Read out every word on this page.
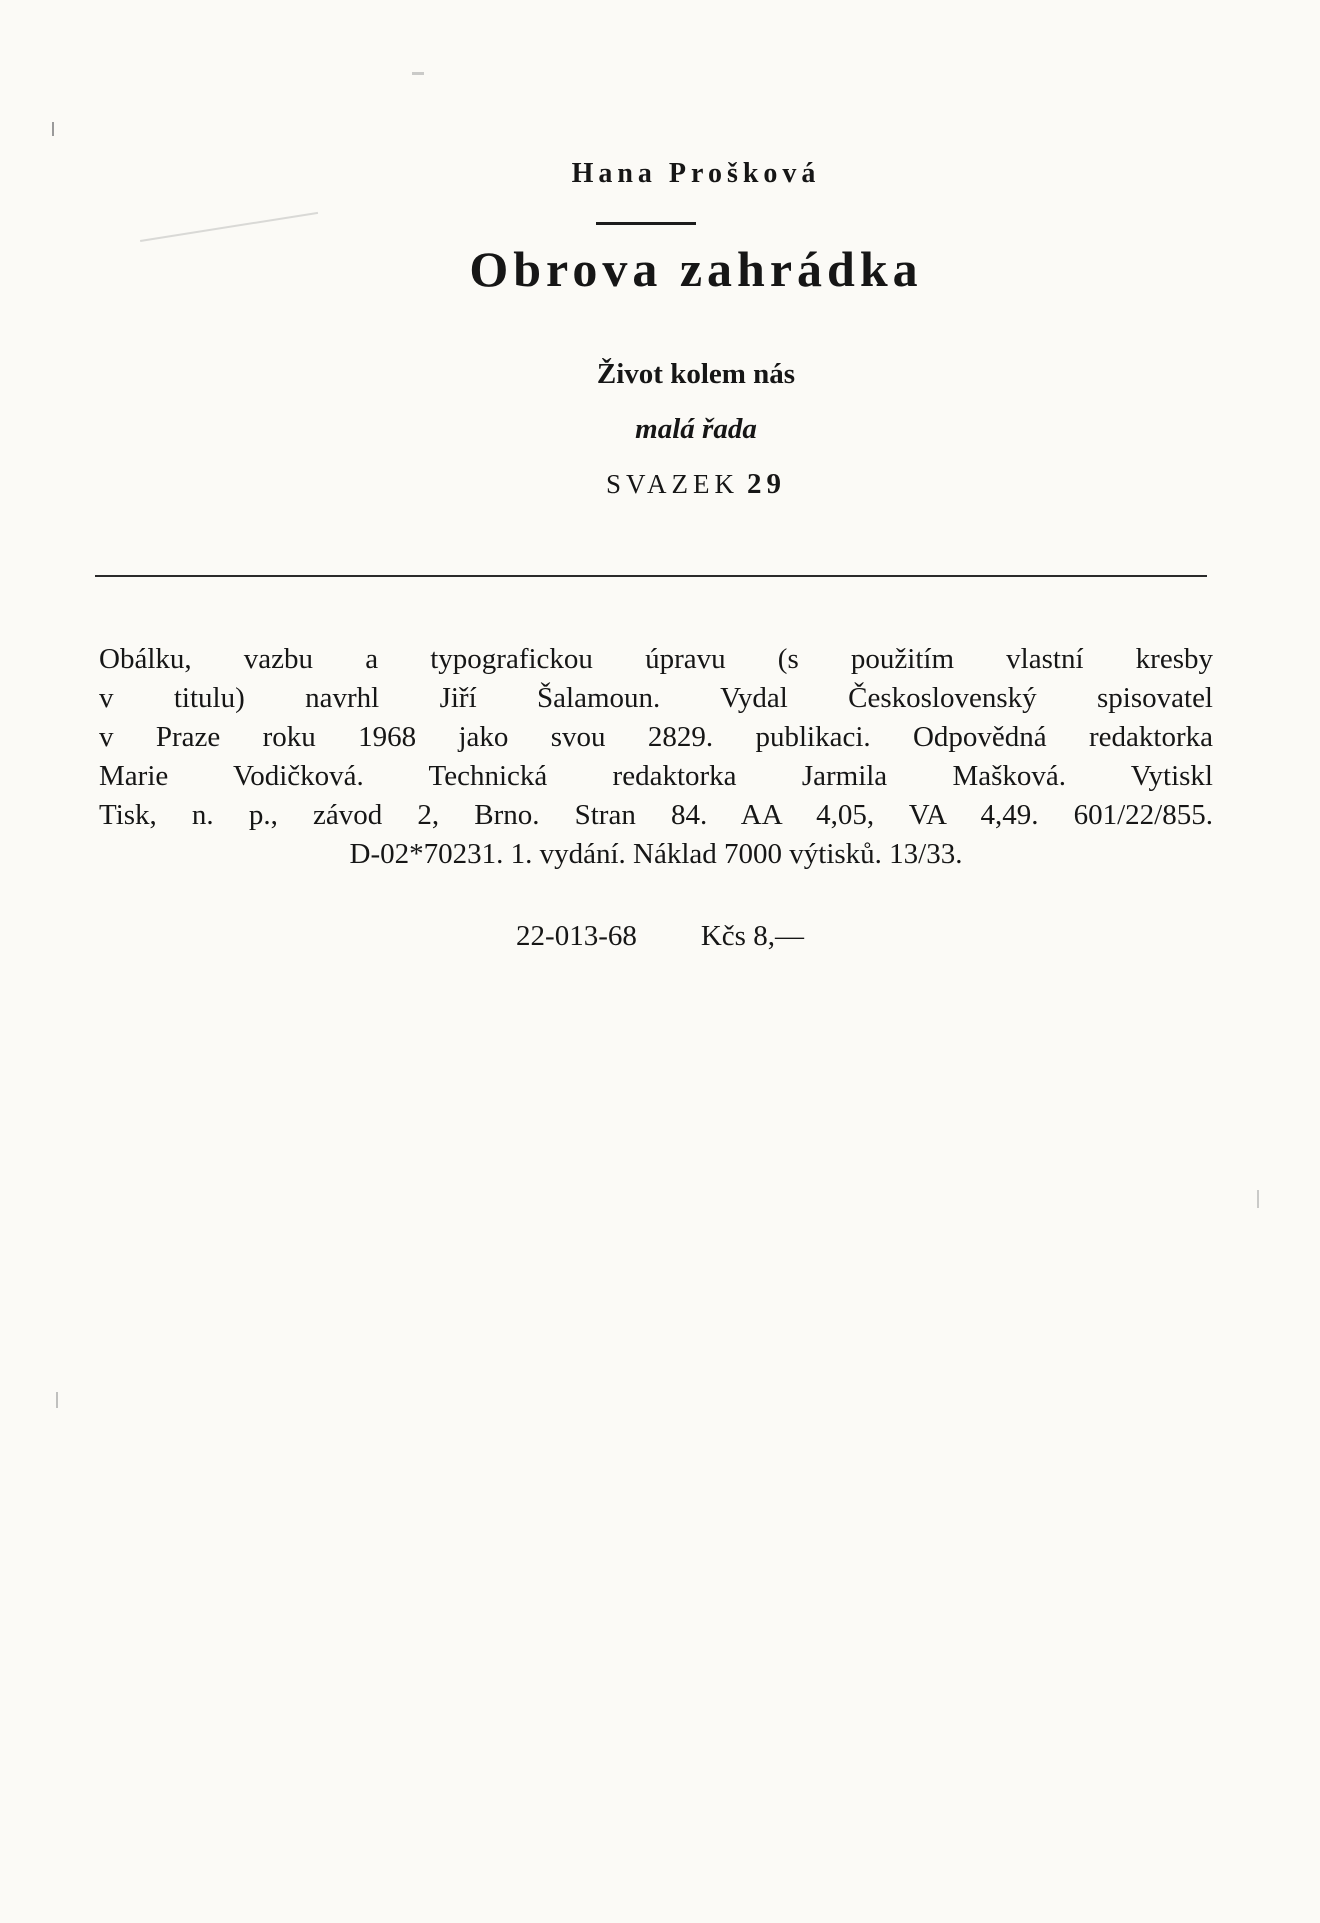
Hana Prošková
Obrova zahrádka
Život kolem nás
malá řada
SVAZEK 29
Obálku, vazbu a typografickou úpravu (s použitím vlastní kresby
v titulu) navrhl Jiří Šalamoun. Vydal Československý spisovatel
v Praze roku 1968 jako svou 2829. publikaci. Odpovědná redaktorka
Marie Vodičková. Technická redaktorka Jarmila Mašková. Vytiskl
Tisk, n. p., závod 2, Brno. Stran 84. AA 4,05, VA 4,49. 601/22/855.
D-02*70231. 1. vydání. Náklad 7000 výtisků. 13/33.
22-013-68 Kčs 8,—
